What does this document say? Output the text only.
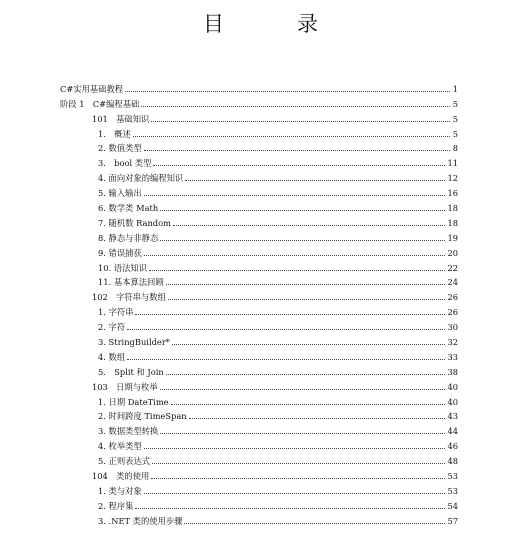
目　录
C#实用基础教程	1
阶段 1　C#编程基础	5
101　基础知识	5
1.　概述	5
2. 数值类型	8
3.　bool 类型	11
4. 面向对象的编程知识	12
5. 输入输出	16
6. 数学类 Math	18
7. 随机数 Random	18
8. 静态与非静态	19
9. 错误捕获	20
10. 语法知识	22
11. 基本算法回顾	24
102　字符串与数组	26
1. 字符串	26
2. 字符	30
3. StringBuilder*	32
4. 数组	33
5.　Split 和 Join	38
103　日期与枚举	40
1. 日期 DateTime	40
2. 时间跨度 TimeSpan	43
3. 数据类型转换	44
4. 枚举类型	46
5. 正则表达式	48
104　类的使用	53
1. 类与对象	53
2. 程序集	54
3. .NET 类的使用步骤	57
